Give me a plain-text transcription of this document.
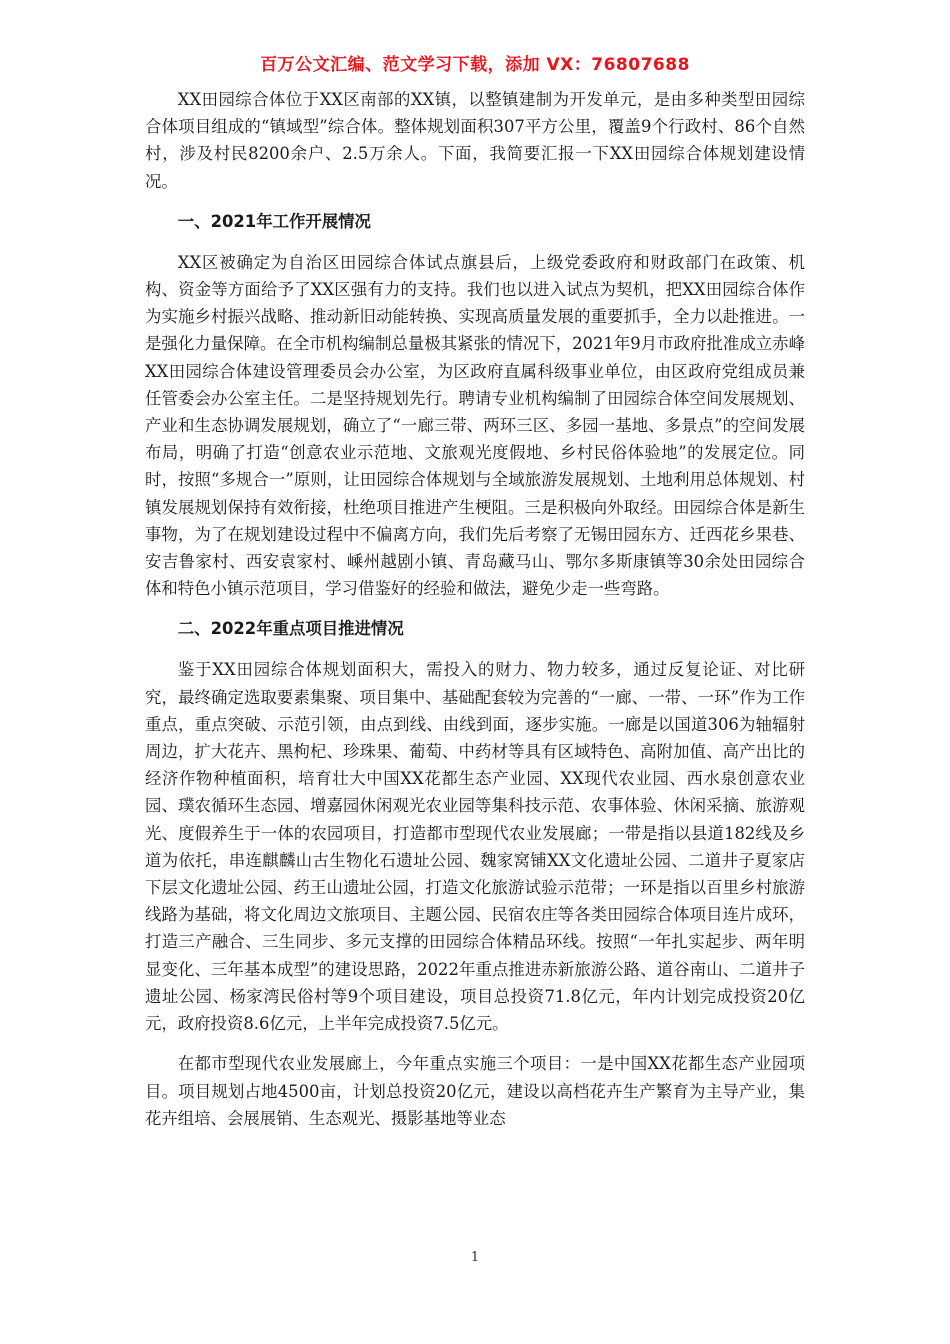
百万公文汇编、范文学习下载，添加 VX：76807688

XX田园综合体位于XX区南部的XX镇，以整镇建制为开发单元，是由多种类型田园综合体项目组成的“镇域型”综合体。整体规划面积307平方公里，覆盖9个行政村、86个自然村，涉及村民8200余户、2.5万余人。下面，我简要汇报一下XX田园综合体规划建设情况。

一、2021年工作开展情况

XX区被确定为自治区田园综合体试点旗县后，上级党委政府和财政部门在政策、机构、资金等方面给予了XX区强有力的支持。我们也以进入试点为契机，把XX田园综合体作为实施乡村振兴战略、推动新旧动能转换、实现高质量发展的重要抓手，全力以赴推进。一是强化力量保障。在全市机构编制总量极其紧张的情况下，2021年9月市政府批准成立赤峰XX田园综合体建设管理委员会办公室，为区政府直属科级事业单位，由区政府党组成员兼任管委会办公室主任。二是坚持规划先行。聘请专业机构编制了田园综合体空间发展规划、产业和生态协调发展规划，确立了“一廊三带、两环三区、多园一基地、多景点”的空间发展布局，明确了打造“创意农业示范地、文旅观光度假地、乡村民俗体验地”的发展定位。同时，按照“多规合一”原则，让田园综合体规划与全域旅游发展规划、土地利用总体规划、村镇发展规划保持有效衔接，杜绝项目推进产生梗阻。三是积极向外取经。田园综合体是新生事物，为了在规划建设过程中不偏离方向，我们先后考察了无锡田园东方、迁西花乡果巷、安吉鲁家村、西安袁家村、嵊州越剧小镇、青岛藏马山、鄂尔多斯康镇等30余处田园综合体和特色小镇示范项目，学习借鉴好的经验和做法，避免少走一些弯路。

二、2022年重点项目推进情况

鉴于XX田园综合体规划面积大，需投入的财力、物力较多，通过反复论证、对比研究，最终确定选取要素集聚、项目集中、基础配套较为完善的“一廊、一带、一环”作为工作重点，重点突破、示范引领，由点到线、由线到面，逐步实施。一廊是以国道306为轴辐射周边，扩大花卉、黑枸杞、珍珠果、葡萄、中药材等具有区域特色、高附加值、高产出比的经济作物种植面积，培育壮大中国XX花都生态产业园、XX现代农业园、西水泉创意农业园、璞农循环生态园、增嘉园休闲观光农业园等集科技示范、农事体验、休闲采摘、旅游观光、度假养生于一体的农园项目，打造都市型现代农业发展廊；一带是指以县道182线及乡道为依托，串连麒麟山古生物化石遗址公园、魏家窝铺XX文化遗址公园、二道井子夏家店下层文化遗址公园、药王山遗址公园，打造文化旅游试验示范带；一环是指以百里乡村旅游线路为基础，将文化周边文旅项目、主题公园、民宿农庄等各类田园综合体项目连片成环，打造三产融合、三生同步、多元支撑的田园综合体精品环线。按照“一年扎实起步、两年明显变化、三年基本成型”的建设思路，2022年重点推进赤新旅游公路、道谷南山、二道井子遗址公园、杨家湾民俗村等9个项目建设，项目总投资71.8亿元，年内计划完成投资20亿元，政府投资8.6亿元，上半年完成投资7.5亿元。

在都市型现代农业发展廊上，今年重点实施三个项目：一是中国XX花都生态产业园项目。项目规划占地4500亩，计划总投资20亿元，建设以高档花卉生产繁育为主导产业，集花卉组培、会展展销、生态观光、摄影基地等业态

1
